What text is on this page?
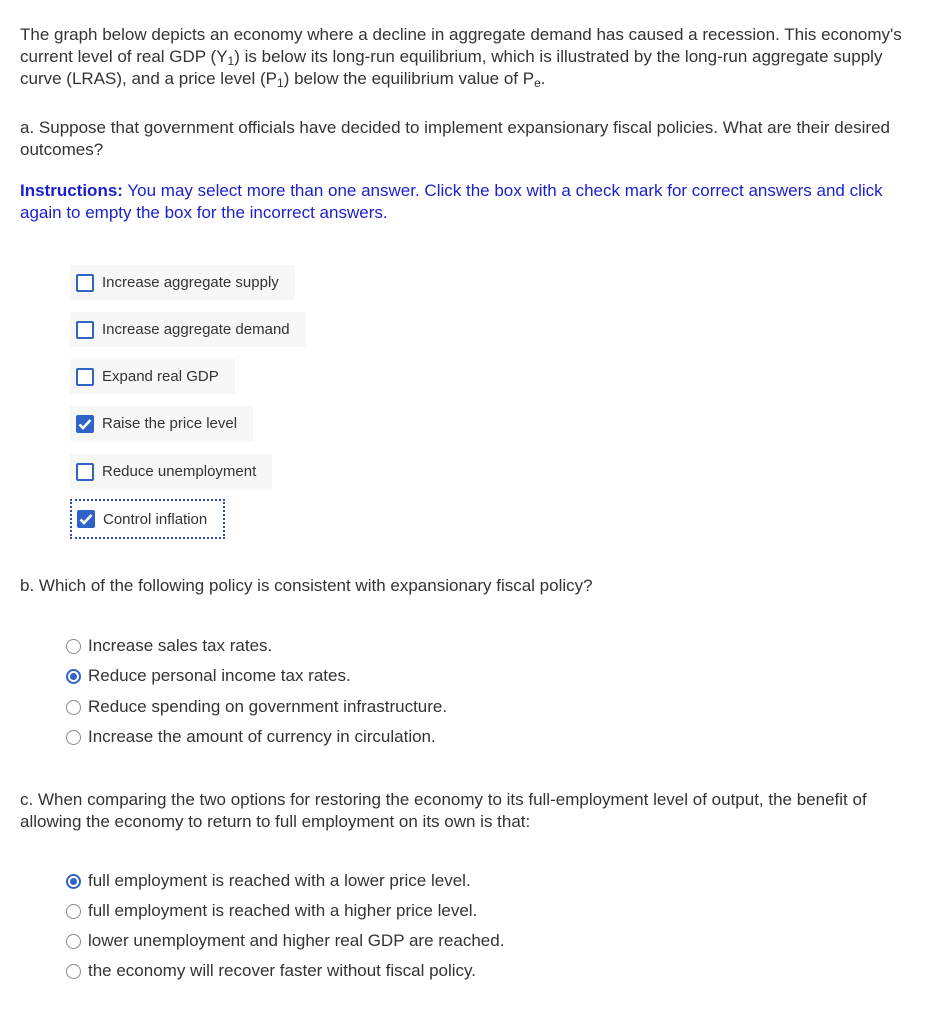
The graph below depicts an economy where a decline in aggregate demand has caused a recession. This economy's current level of real GDP $(Y_1)$ is below its long-run equilibrium, which is illustrated by the long-run aggregate supply curve (LRAS), and a price level $(P_1)$ below the equilibrium value of $P_e$.

a. Suppose that government officials have decided to implement expansionary fiscal policies. What are their desired outcomes?

Instructions: You may select more than one answer. Click the box with a check mark for correct answers and click again to empty the box for the incorrect answers.

Increase aggregate supply
Increase aggregate demand
Expand real GDP
Raise the price level
Reduce unemployment
Control inflation

b. Which of the following policy is consistent with expansionary fiscal policy?

Increase sales tax rates.
Reduce personal income tax rates.
Reduce spending on government infrastructure.
Increase the amount of currency in circulation.

c. When comparing the two options for restoring the economy to its full-employment level of output, the benefit of allowing the economy to return to full employment on its own is that:

full employment is reached with a lower price level.
full employment is reached with a higher price level.
lower unemployment and higher real GDP are reached.
the economy will recover faster without fiscal policy.
